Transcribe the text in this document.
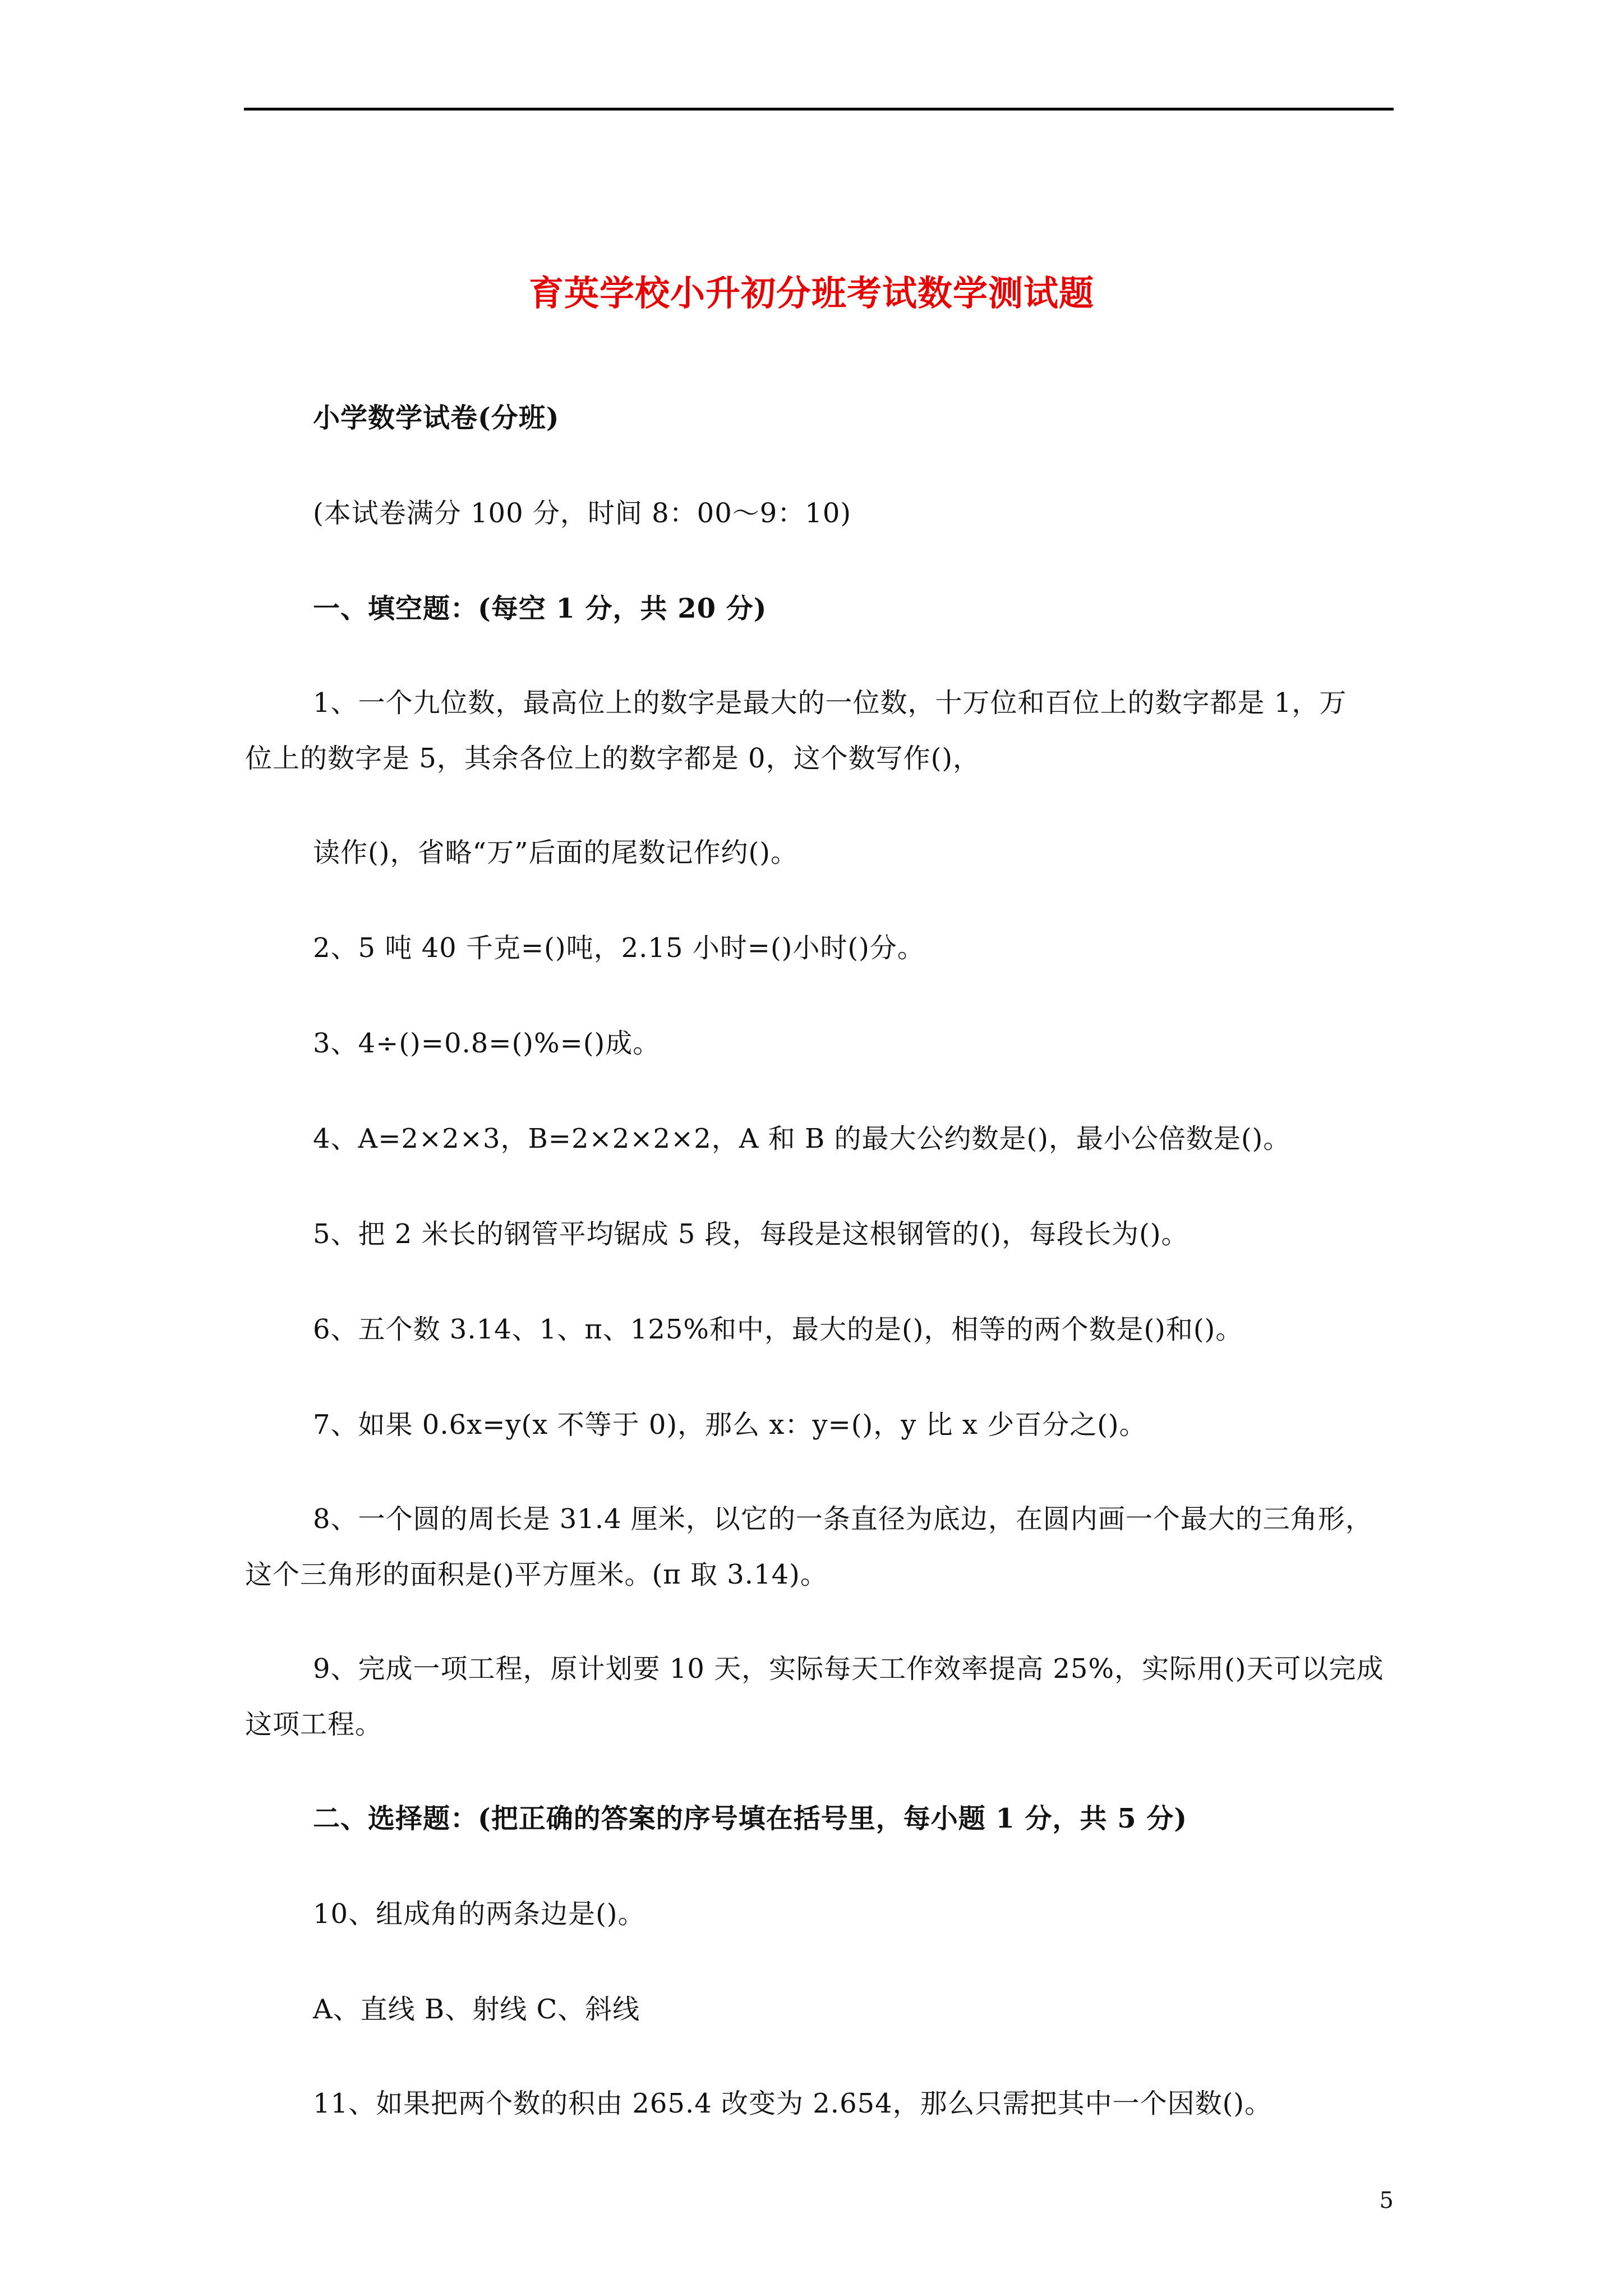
育英学校小升初分班考试数学测试题
小学数学试卷(分班)
(本试卷满分 100 分，时间 8：00～9：10)
一、填空题：(每空 1 分，共 20 分)
1、一个九位数，最高位上的数字是最大的一位数，十万位和百位上的数字都是 1，万
位上的数字是 5，其余各位上的数字都是 0，这个数写作()，
读作()，省略“万”后面的尾数记作约()。
2、5 吨 40 千克=()吨，2.15 小时=()小时()分。
3、4÷()=0.8=()%=()成。
4、A=2×2×3，B=2×2×2×2，A 和 B 的最大公约数是()，最小公倍数是()。
5、把 2 米长的钢管平均锯成 5 段，每段是这根钢管的()，每段长为()。
6、五个数 3.14、1、π、125%和中，最大的是()，相等的两个数是()和()。
7、如果 0.6x=y(x 不等于 0)，那么 x：y=()，y 比 x 少百分之()。
8、一个圆的周长是 31.4 厘米，以它的一条直径为底边，在圆内画一个最大的三角形，
这个三角形的面积是()平方厘米。(π 取 3.14)。
9、完成一项工程，原计划要 10 天，实际每天工作效率提高 25%，实际用()天可以完成
这项工程。
二、选择题：(把正确的答案的序号填在括号里，每小题 1 分，共 5 分)
10、组成角的两条边是()。
A、直线 B、射线 C、斜线
11、如果把两个数的积由 265.4 改变为 2.654，那么只需把其中一个因数()。
5
